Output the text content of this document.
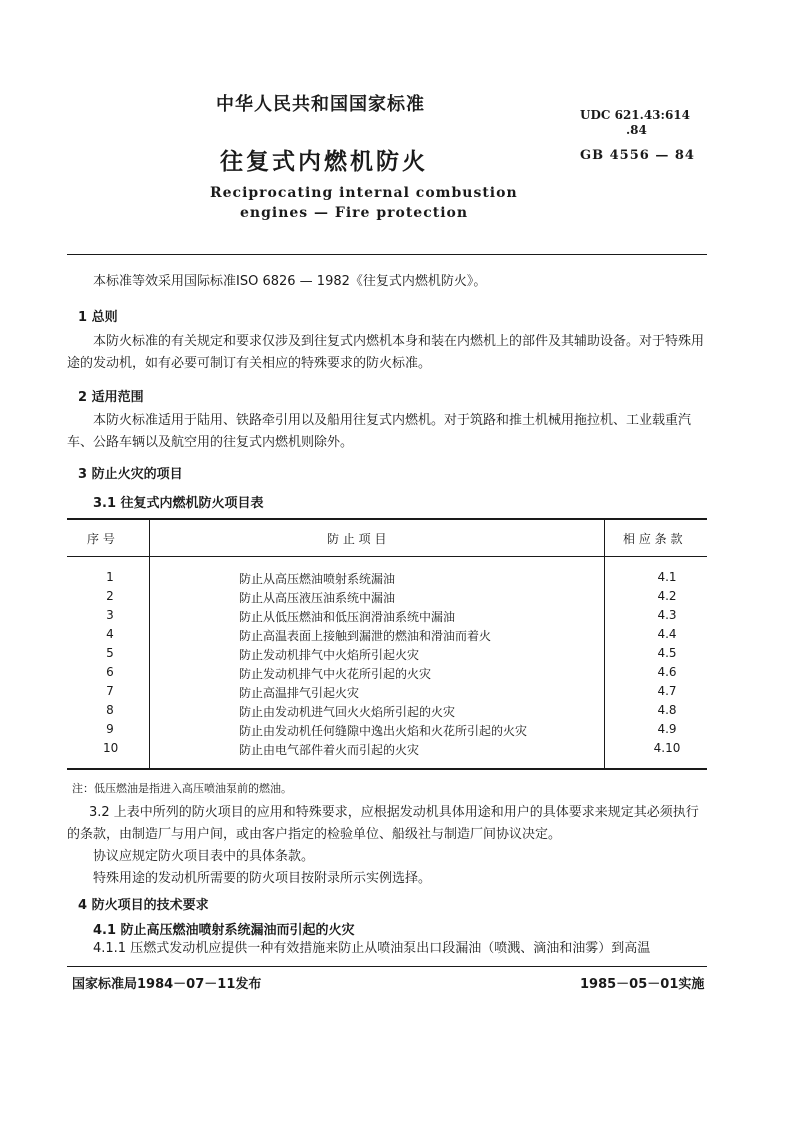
中华人民共和国国家标准
往复式内燃机防火
Reciprocating internal combustion
engines — Fire protection
UDC 621.43:614
.84
GB 4556 — 84

本标准等效采用国际标准ISO 6826 — 1982《往复式内燃机防火》。

1 总则

本防火标准的有关规定和要求仅涉及到往复式内燃机本身和装在内燃机上的部件及其辅助设备。对于特殊用途的发动机，如有必要可制订有关相应的特殊要求的防火标准。

2 适用范围

本防火标准适用于陆用、铁路牵引用以及船用往复式内燃机。对于筑路和推土机械用拖拉机、工业载重汽车、公路车辆以及航空用的往复式内燃机则除外。

3 防止火灾的项目
3.1 往复式内燃机防火项目表
序 号	防 止 项 目	相 应 条 款
1	防止从高压燃油喷射系统漏油	4.1
2	防止从高压液压油系统中漏油	4.2
3	防止从低压燃油和低压润滑油系统中漏油	4.3
4	防止高温表面上接触到漏泄的燃油和滑油而着火	4.4
5	防止发动机排气中火焰所引起火灾	4.5
6	防止发动机排气中火花所引起的火灾	4.6
7	防止高温排气引起火灾	4.7
8	防止由发动机进气回火火焰所引起的火灾	4.8
9	防止由发动机任何缝隙中逸出火焰和火花所引起的火灾	4.9
10	防止由电气部件着火而引起的火灾	4.10
注：低压燃油是指进入高压喷油泵前的燃油。

3.2 上表中所列的防火项目的应用和特殊要求，应根据发动机具体用途和用户的具体要求来规定其必须执行的条款，由制造厂与用户间，或由客户指定的检验单位、船级社与制造厂间协议决定。

协议应规定防火项目表中的具体条款。

特殊用途的发动机所需要的防火项目按附录所示实例选择。

4 防火项目的技术要求
4.1 防止高压燃油喷射系统漏油而引起的火灾

4.1.1 压燃式发动机应提供一种有效措施来防止从喷油泵出口段漏油（喷溅、滴油和油雾）到高温

国家标准局1984－07－11发布	1985－05－01实施
